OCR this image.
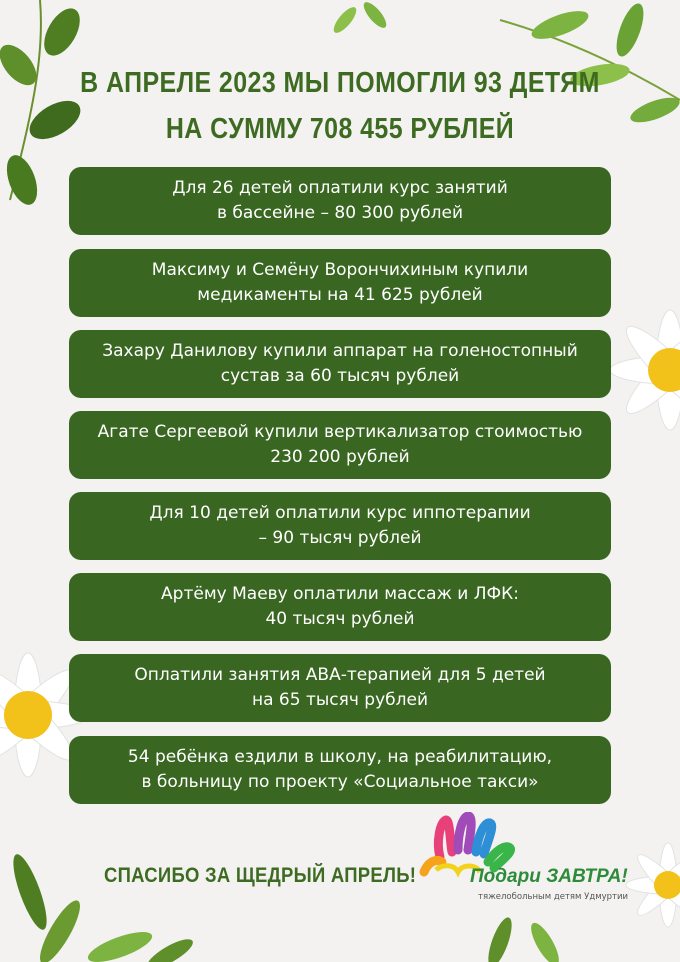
В АПРЕЛЕ 2023 МЫ ПОМОГЛИ 93 ДЕТЯМ
НА СУММУ 708 455 РУБЛЕЙ
Для 26 детей оплатили курс занятий
в бассейне – 80 300 рублей
Максиму и Семёну Ворончихиным купили
медикаменты на 41 625 рублей
Захару Данилову купили аппарат на голеностопный
сустав за 60 тысяч рублей
Агате Сергеевой купили вертикализатор стоимостью
230 200 рублей
Для 10 детей оплатили курс иппотерапии
– 90 тысяч рублей
Артёму Маеву оплатили массаж и ЛФК:
40 тысяч рублей
Оплатили занятия АВА-терапией для 5 детей
на 65 тысяч рублей
54 ребёнка ездили в школу, на реабилитацию,
в больницу по проекту «Социальное такси»
СПАСИБО ЗА ЩЕДРЫЙ АПРЕЛЬ!	Подари ЗАВТРА!
тяжелобольным детям Удмуртии
